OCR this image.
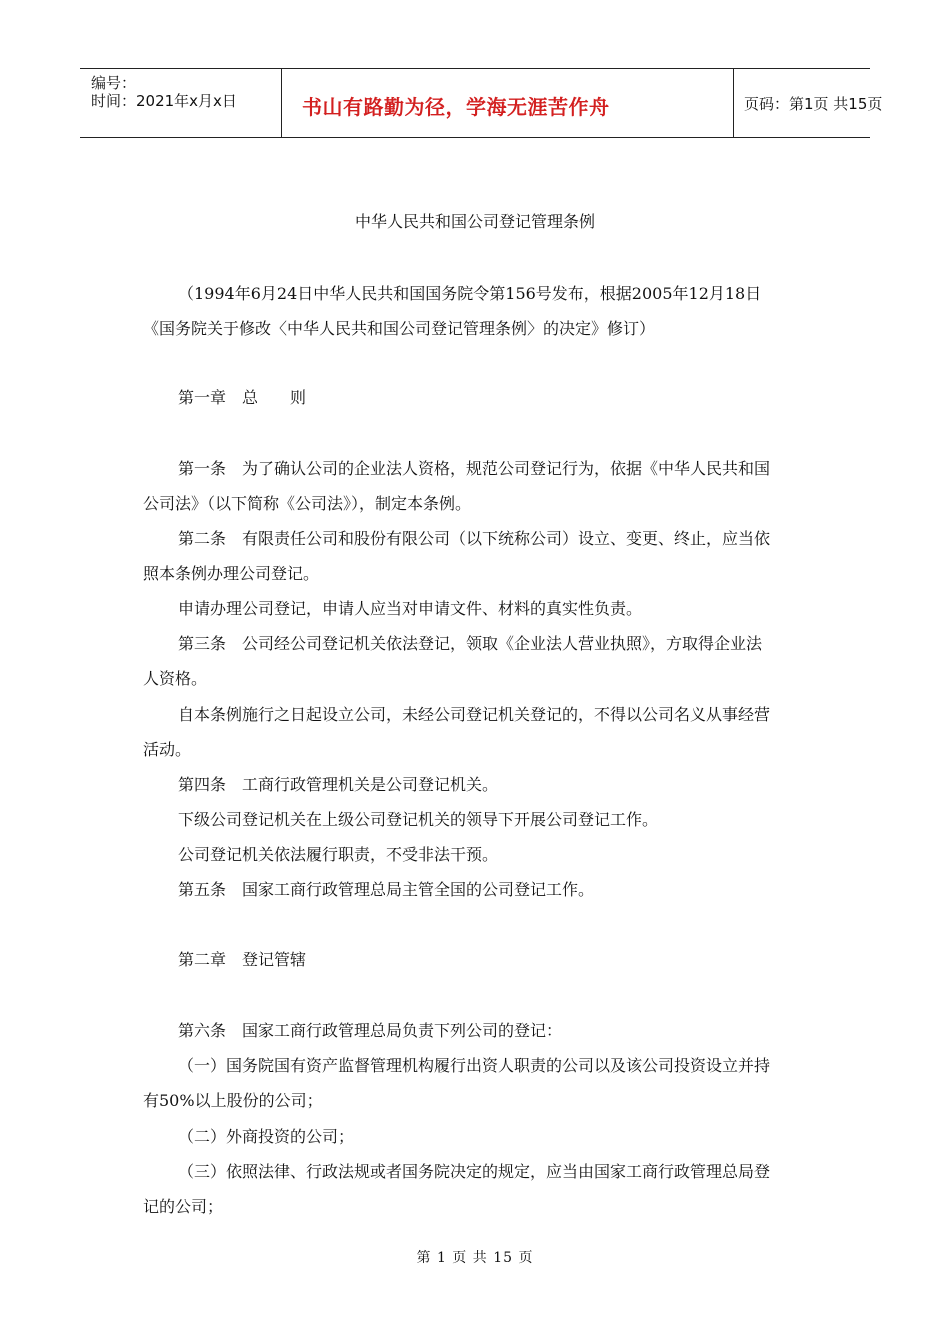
编号：
时间：2021年x月x日	书山有路勤为径，学海无涯苦作舟	页码：第1页 共15页
中华人民共和国公司登记管理条例
（1994年6月24日中华人民共和国国务院令第156号发布，根据2005年12月18日
《国务院关于修改〈中华人民共和国公司登记管理条例〉的决定》修订）
第一章　总　　则
第一条　为了确认公司的企业法人资格，规范公司登记行为，依据《中华人民共和国
公司法》（以下简称《公司法》），制定本条例。
第二条　有限责任公司和股份有限公司（以下统称公司）设立、变更、终止，应当依
照本条例办理公司登记。
申请办理公司登记，申请人应当对申请文件、材料的真实性负责。
第三条　公司经公司登记机关依法登记，领取《企业法人营业执照》，方取得企业法
人资格。
自本条例施行之日起设立公司，未经公司登记机关登记的，不得以公司名义从事经营
活动。
第四条　工商行政管理机关是公司登记机关。
下级公司登记机关在上级公司登记机关的领导下开展公司登记工作。
公司登记机关依法履行职责，不受非法干预。
第五条　国家工商行政管理总局主管全国的公司登记工作。
第二章　登记管辖
第六条　国家工商行政管理总局负责下列公司的登记：
（一）国务院国有资产监督管理机构履行出资人职责的公司以及该公司投资设立并持
有50%以上股份的公司；
（二）外商投资的公司；
（三）依照法律、行政法规或者国务院决定的规定，应当由国家工商行政管理总局登
记的公司；
第 1 页 共 15 页
